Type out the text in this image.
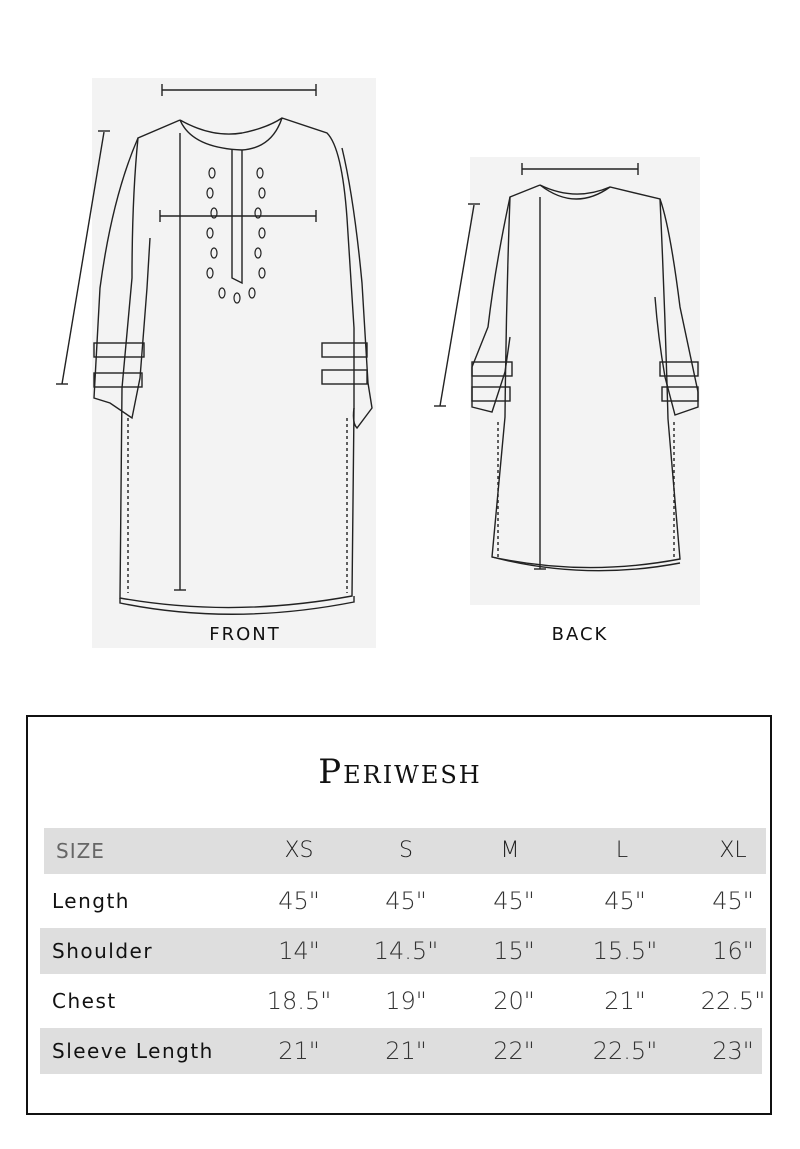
FRONT	BACK
Periwesh
SIZE	XS	S	M	L	XL
Length	45"	45"	45"	45"	45"
Shoulder	14"	14.5"	15"	15.5"	16"
Chest	18.5"	19"	20"	21"	22.5"
Sleeve Length	21"	21"	22"	22.5"	23"
